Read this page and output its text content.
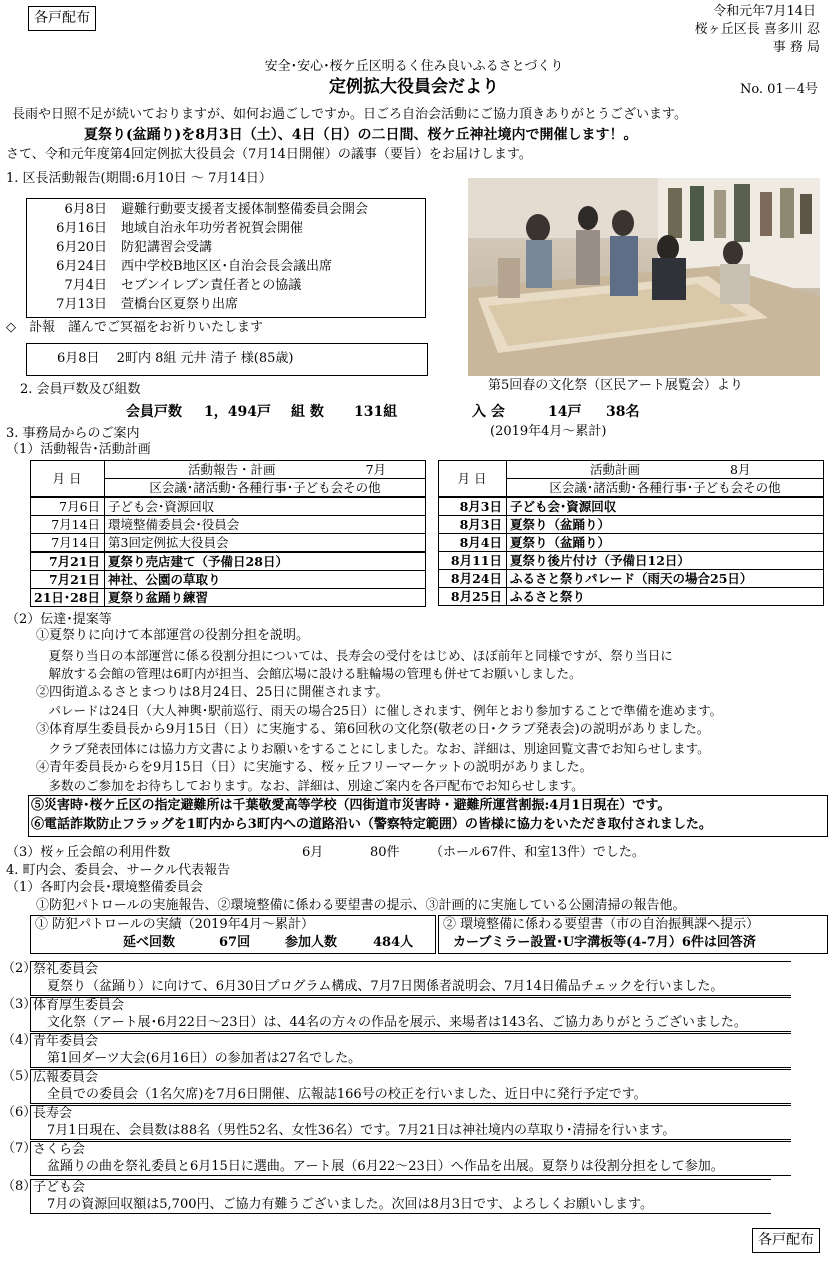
各戸配布	令和元年7月14日
桜ヶ丘区長 喜多川 忍
事 務 局
安全･安心･桜ケ丘区明るく住み良いふるさとづくり
定例拡大役員会だより	No. 01－4号
長雨や日照不足が続いておりますが、如何お過ごしですか。日ごろ自治会活動にご協力頂きありがとうございます。
夏祭り(盆踊り)を8月3日（土）、4日（日）の二日間、桜ケ丘神社境内で開催します！。
さて、令和元年度第4回定例拡大役員会（7月14日開催）の議事（要旨）をお届けします。
1. 区長活動報告(期間:6月10日 ～ 7月14日）
6月8日 避難行動要支援者支援体制整備委員会開会
6月16日 地域自治永年功労者祝賀会開催
6月20日 防犯講習会受講
6月24日 西中学校B地区区･自治会長会議出席
7月4日 セブンイレブン責任者との協議
7月13日 萱橋台区夏祭り出席
◇　訃報　謹んでご冥福をお祈りいたします
6月8日　 2町内 8組 元井 清子 様(85歳)
第5回春の文化祭（区民アート展覧会）より
2. 会員戸数及び組数
会員戸数 1，494戸 組 数 131組	入 会	14戸 38名
(2019年4月～累計)
3. 事務局からのご案内
（1）活動報告･活動計画
月 日	活動報告・計画 7月
	区会議･諸活動･各種行事･子ども会その他
7月6日	子ども会･資源回収
7月14日	環境整備委員会･役員会
7月14日	第3回定例拡大役員会
7月21日	夏祭り売店建て（予備日28日）
7月21日	神社、公園の草取り
21日･28日	夏祭り盆踊り練習
月 日	活動計画 8月
	区会議･諸活動･各種行事･子ども会その他
8月3日	子ども会･資源回収
8月3日	夏祭り（盆踊り）
8月4日	夏祭り（盆踊り）
8月11日	夏祭り後片付け（予備日12日）
8月24日	ふるさと祭りパレード（雨天の場合25日）
8月25日	ふるさと祭り
（2）伝達･提案等
①夏祭りに向けて本部運営の役割分担を説明。
　夏祭り当日の本部運営に係る役割分担については、長寿会の受付をはじめ、ほぼ前年と同様ですが、祭り当日に
　解放する会館の管理は6町内が担当、会館広場に設ける駐輪場の管理も併せてお願いしました。
②四街道ふるさとまつりは8月24日、25日に開催されます。
　パレードは24日（大人神輿･駅前巡行、雨天の場合25日）に催しされます、例年とおり参加することで準備を進めます。
③体育厚生委員長から9月15日（日）に実施する、第6回秋の文化祭(敬老の日･クラブ発表会)の説明がありました。
　クラブ発表団体には協力方文書によりお願いをすることにしました。なお、詳細は、別途回覧文書でお知らせします。
④青年委員長からを9月15日（日）に実施する、桜ヶ丘フリーマーケットの説明がありました。
　多数のご参加をお待ちしております。なお、詳細は、別途ご案内を各戸配布でお知らせします。
⑤災害時･桜ケ丘区の指定避難所は千葉敬愛高等学校（四街道市災害時・避難所運営割振:4月1日現在）です。
⑥電話詐欺防止フラッグを1町内から3町内への道路沿い（警察特定範囲）の皆様に協力をいただき取付されました。
（3）桜ヶ丘会館の利用件数	6月	80件 （ホール67件、和室13件）でした。
4. 町内会、委員会、サークル代表報告
（1）各町内会長･環境整備委員会
①防犯パトロールの実施報告、②環境整備に係わる要望書の提示、③計画的に実施している公園清掃の報告他。
① 防犯パトロールの実績（2019年4月～累計）
延べ回数	67回	参加人数	484人
② 環境整備に係わる要望書（市の自治振興課へ提示）
カーブミラー設置･U字溝板等(4-7月）6件は回答済
（2）
祭礼委員会
夏祭り（盆踊り）に向けて、6月30日プログラム構成、7月7日関係者説明会、7月14日備品チェックを行いました。
（3）
体育厚生委員会
文化祭（アート展･6月22日～23日）は、44名の方々の作品を展示、来場者は143名、ご協力ありがとうございました。
（4）
青年委員会
第1回ダーツ大会(6月16日）の参加者は27名でした。
（5）
広報委員会
全員での委員会（1名欠席)を7月6日開催、広報誌166号の校正を行いました、近日中に発行予定です。
（6）
長寿会
7月1日現在、会員数は88名（男性52名、女性36名）です。7月21日は神社境内の草取り･清掃を行います。
（7）
さくら会
盆踊りの曲を祭礼委員と6月15日に選曲。アート展（6月22～23日）へ作品を出展。夏祭りは役割分担をして参加。
（8）
子ども会
7月の資源回収額は5,700円、ご協力有難うございました。次回は8月3日です、よろしくお願いします。
各戸配布
